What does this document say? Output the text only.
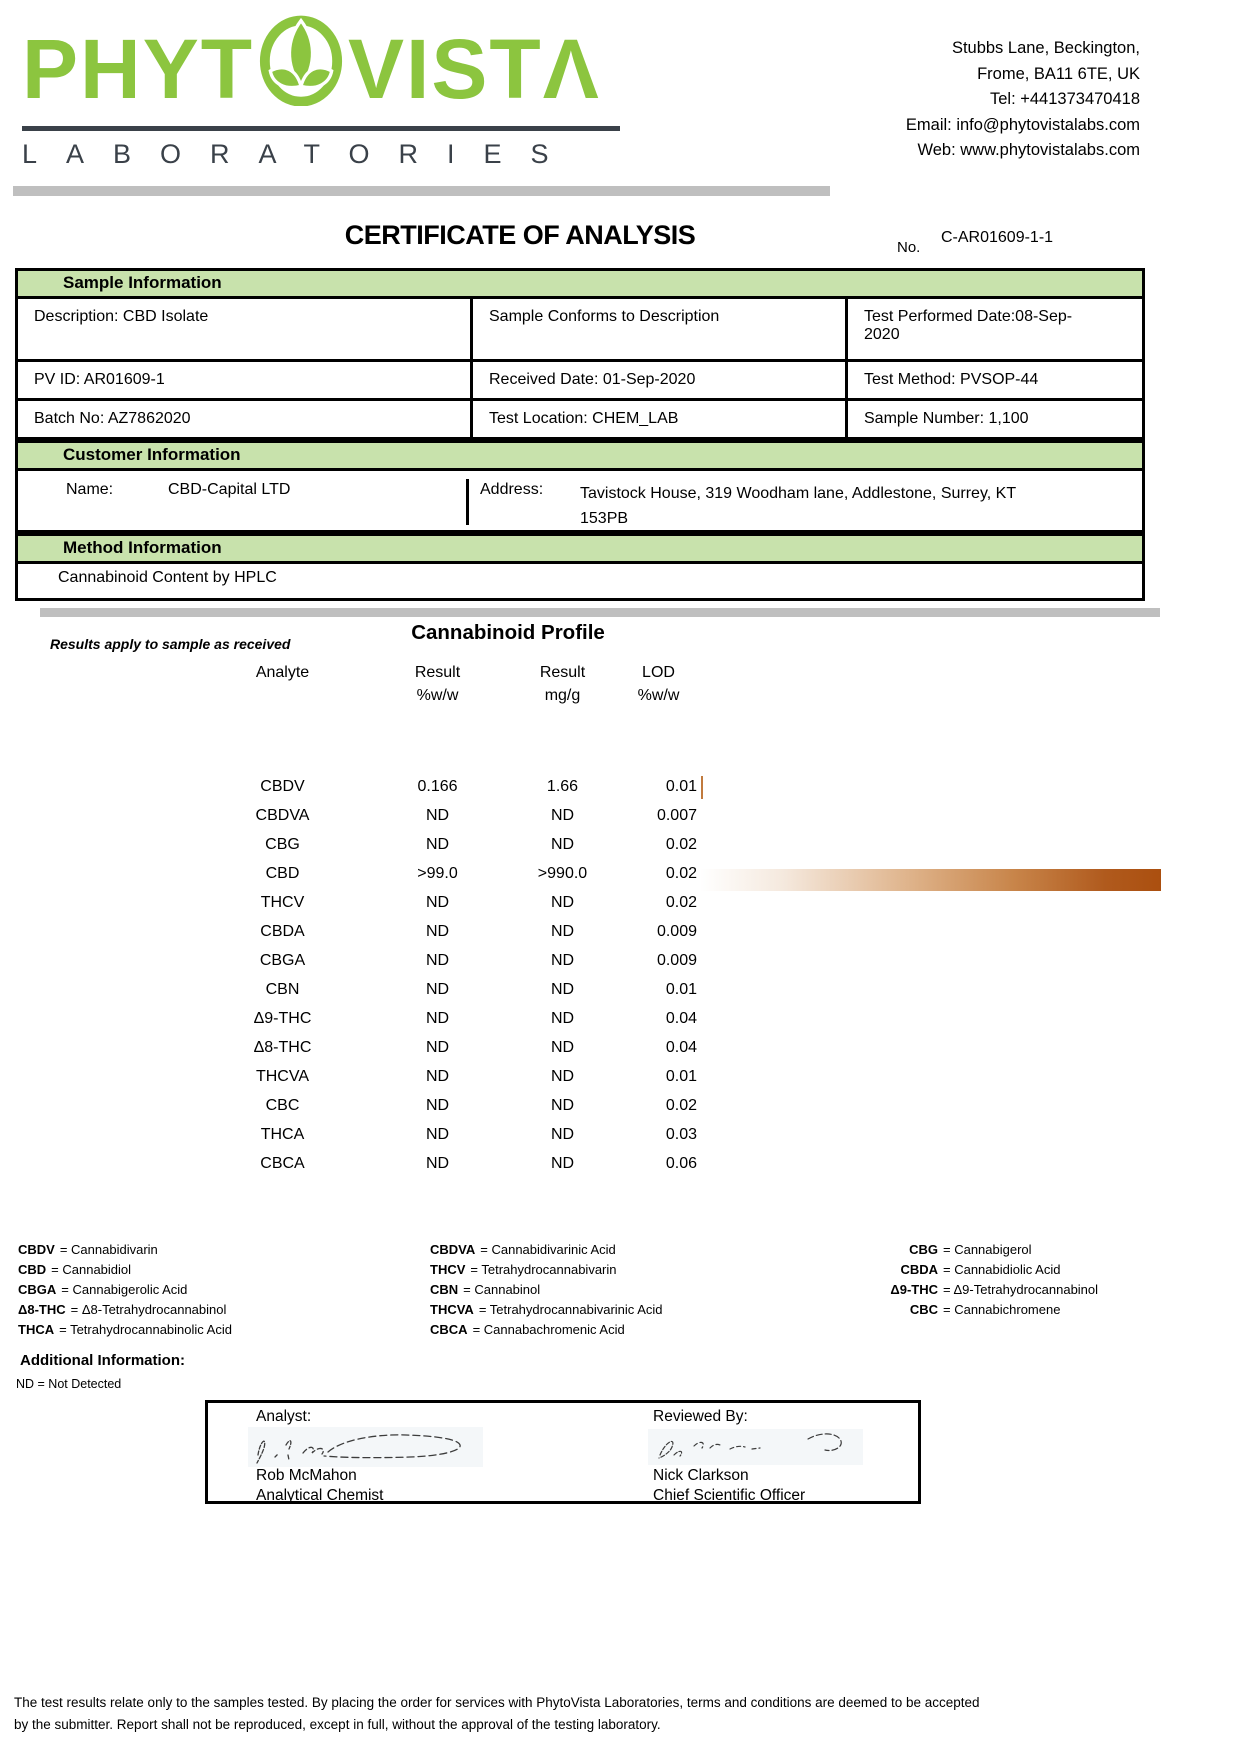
PHYT VIST Λ
LABORATORIES
Stubbs Lane, Beckington,
Frome, BA11 6TE, UK
Tel: +441373470418
Email: info@phytovistalabs.com
Web: www.phytovistalabs.com
CERTIFICATE OF ANALYSIS	No.
C-AR01609-1-1
Sample Information
Description: CBD Isolate	Sample Conforms to Description	Test Performed Date:08-Sep-2020
PV ID: AR01609-1	Received Date: 01-Sep-2020	Test Method: PVSOP-44
Batch No: AZ7862020	Test Location: CHEM_LAB	Sample Number: 1,100
Customer Information
Name:	CBD-Capital LTD	Address: Tavistock House, 319 Woodham lane, Addlestone, Surrey, KT 153PB
Method Information
Cannabinoid Content by HPLC
Results apply to sample as received	Cannabinoid Profile
Analyte	Result	Result	LOD
%w/w	mg/g	%w/w
CBDV	0.166	1.66	0.01
CBDVA	ND	ND	0.007
CBG	ND	ND	0.02
CBD	>99.0	>990.0	0.02
THCV	ND	ND	0.02
CBDA	ND	ND	0.009
CBGA	ND	ND	0.009
CBN	ND	ND	0.01
Δ9-THC	ND	ND	0.04
Δ8-THC	ND	ND	0.04
THCVA	ND	ND	0.01
CBC	ND	ND	0.02
THCA	ND	ND	0.03
CBCA	ND	ND	0.06
CBDV = Cannabidivarin
CBD = Cannabidiol
CBGA = Cannabigerolic Acid
Δ8-THC = Δ8-Tetrahydrocannabinol
THCA = Tetrahydrocannabinolic Acid
CBDVA = Cannabidivarinic Acid
THCV = Tetrahydrocannabivarin
CBN = Cannabinol
THCVA = Tetrahydrocannabivarinic Acid
CBCA = Cannabachromenic Acid
CBG = Cannabigerol
CBDA = Cannabidiolic Acid
Δ9-THC = Δ9-Tetrahydrocannabinol
CBC = Cannabichromene
Additional Information:
ND = Not Detected
Analyst:
Rob McMahon
Analytical Chemist
Reviewed By:
Nick Clarkson
Chief Scientific Officer
The test results relate only to the samples tested. By placing the order for services with PhytoVista Laboratories, terms and conditions are deemed to be accepted by the submitter. Report shall not be reproduced, except in full, without the approval of the testing laboratory.
